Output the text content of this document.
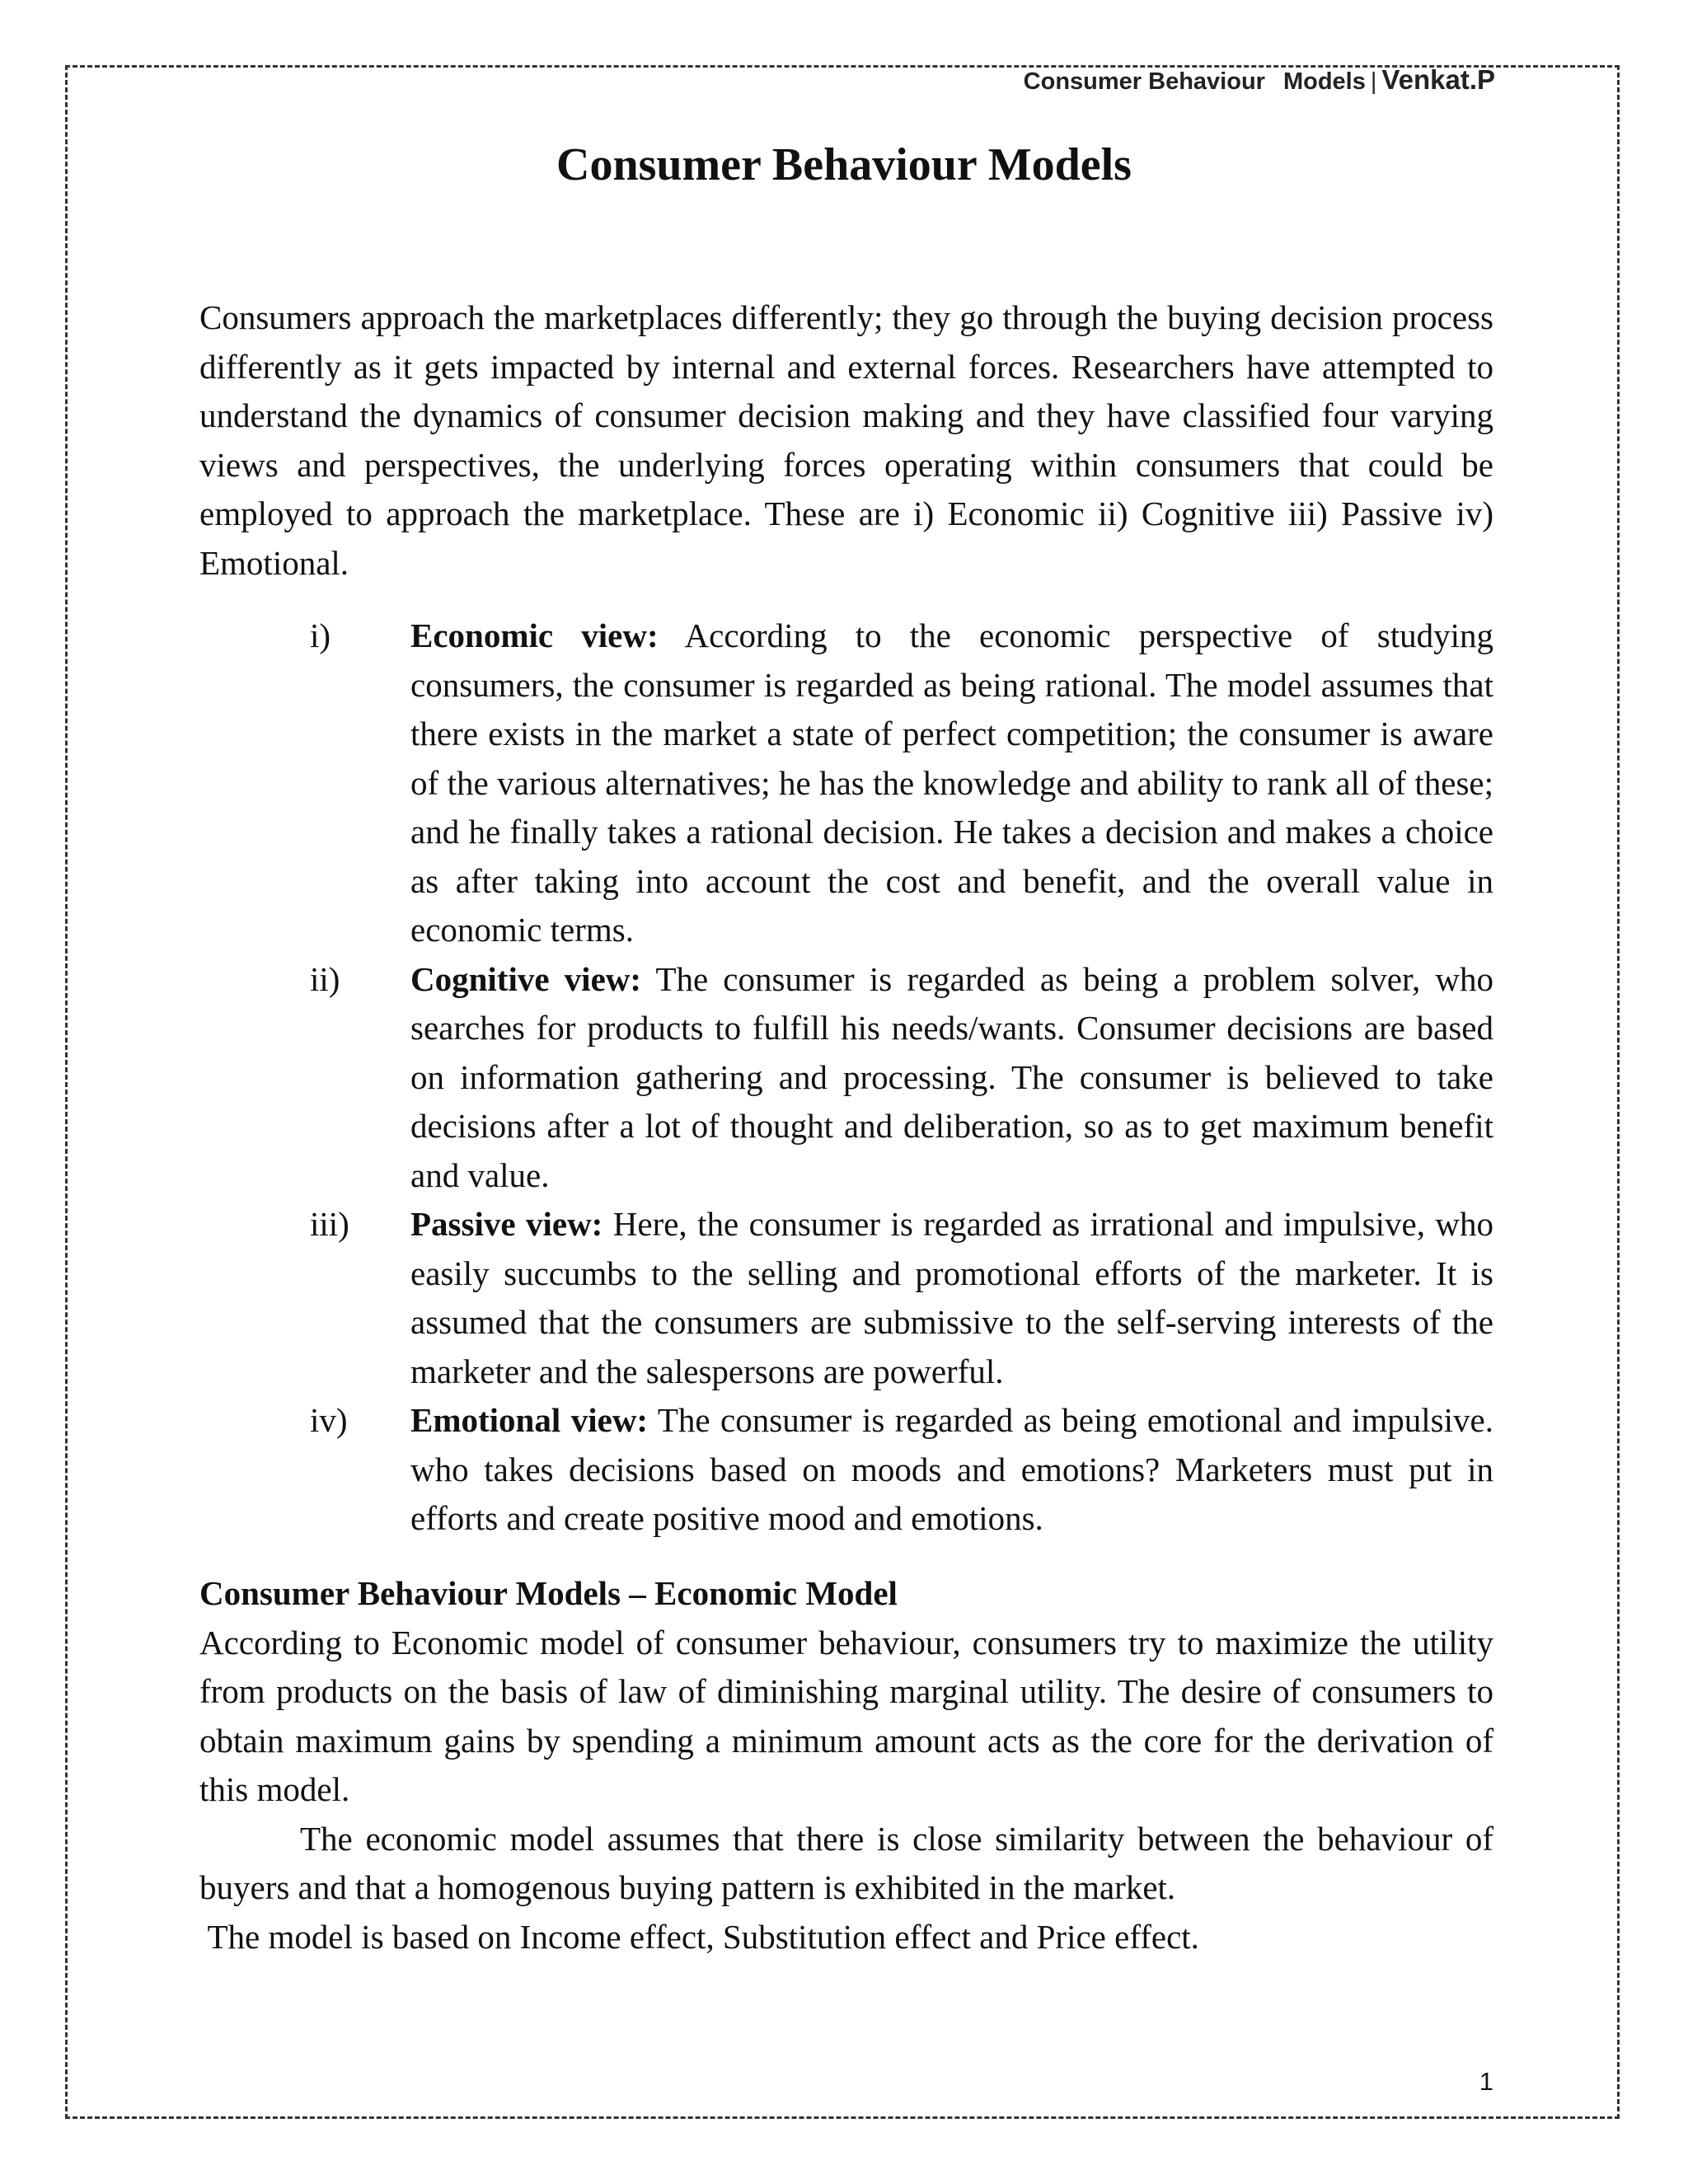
Consumer Behaviour Models | Venkat.P
Consumer Behaviour Models

Consumers approach the marketplaces differently; they go through the buying decision process differently as it gets impacted by internal and external forces. Researchers have attempted to understand the dynamics of consumer decision making and they have classified four varying views and perspectives, the underlying forces operating within consumers that could be employed to approach the marketplace. These are i) Economic ii) Cognitive iii) Passive iv) Emotional.

i) Economic view: According to the economic perspective of studying consumers, the consumer is regarded as being rational. The model assumes that there exists in the market a state of perfect competition; the consumer is aware of the various alternatives; he has the knowledge and ability to rank all of these; and he finally takes a rational decision. He takes a decision and makes a choice as after taking into account the cost and benefit, and the overall value in economic terms.
ii) Cognitive view: The consumer is regarded as being a problem solver, who searches for products to fulfill his needs/wants. Consumer decisions are based on information gathering and processing. The consumer is believed to take decisions after a lot of thought and deliberation, so as to get maximum benefit and value.
iii) Passive view: Here, the consumer is regarded as irrational and impulsive, who easily succumbs to the selling and promotional efforts of the marketer. It is assumed that the consumers are submissive to the self-serving interests of the marketer and the salespersons are powerful.
iv) Emotional view: The consumer is regarded as being emotional and impulsive. who takes decisions based on moods and emotions? Marketers must put in efforts and create positive mood and emotions.
Consumer Behaviour Models – Economic Model

According to Economic model of consumer behaviour, consumers try to maximize the utility from products on the basis of law of diminishing marginal utility. The desire of consumers to obtain maximum gains by spending a minimum amount acts as the core for the derivation of this model.

The economic model assumes that there is close similarity between the behaviour of buyers and that a homogenous buying pattern is exhibited in the market.

The model is based on Income effect, Substitution effect and Price effect.

1
